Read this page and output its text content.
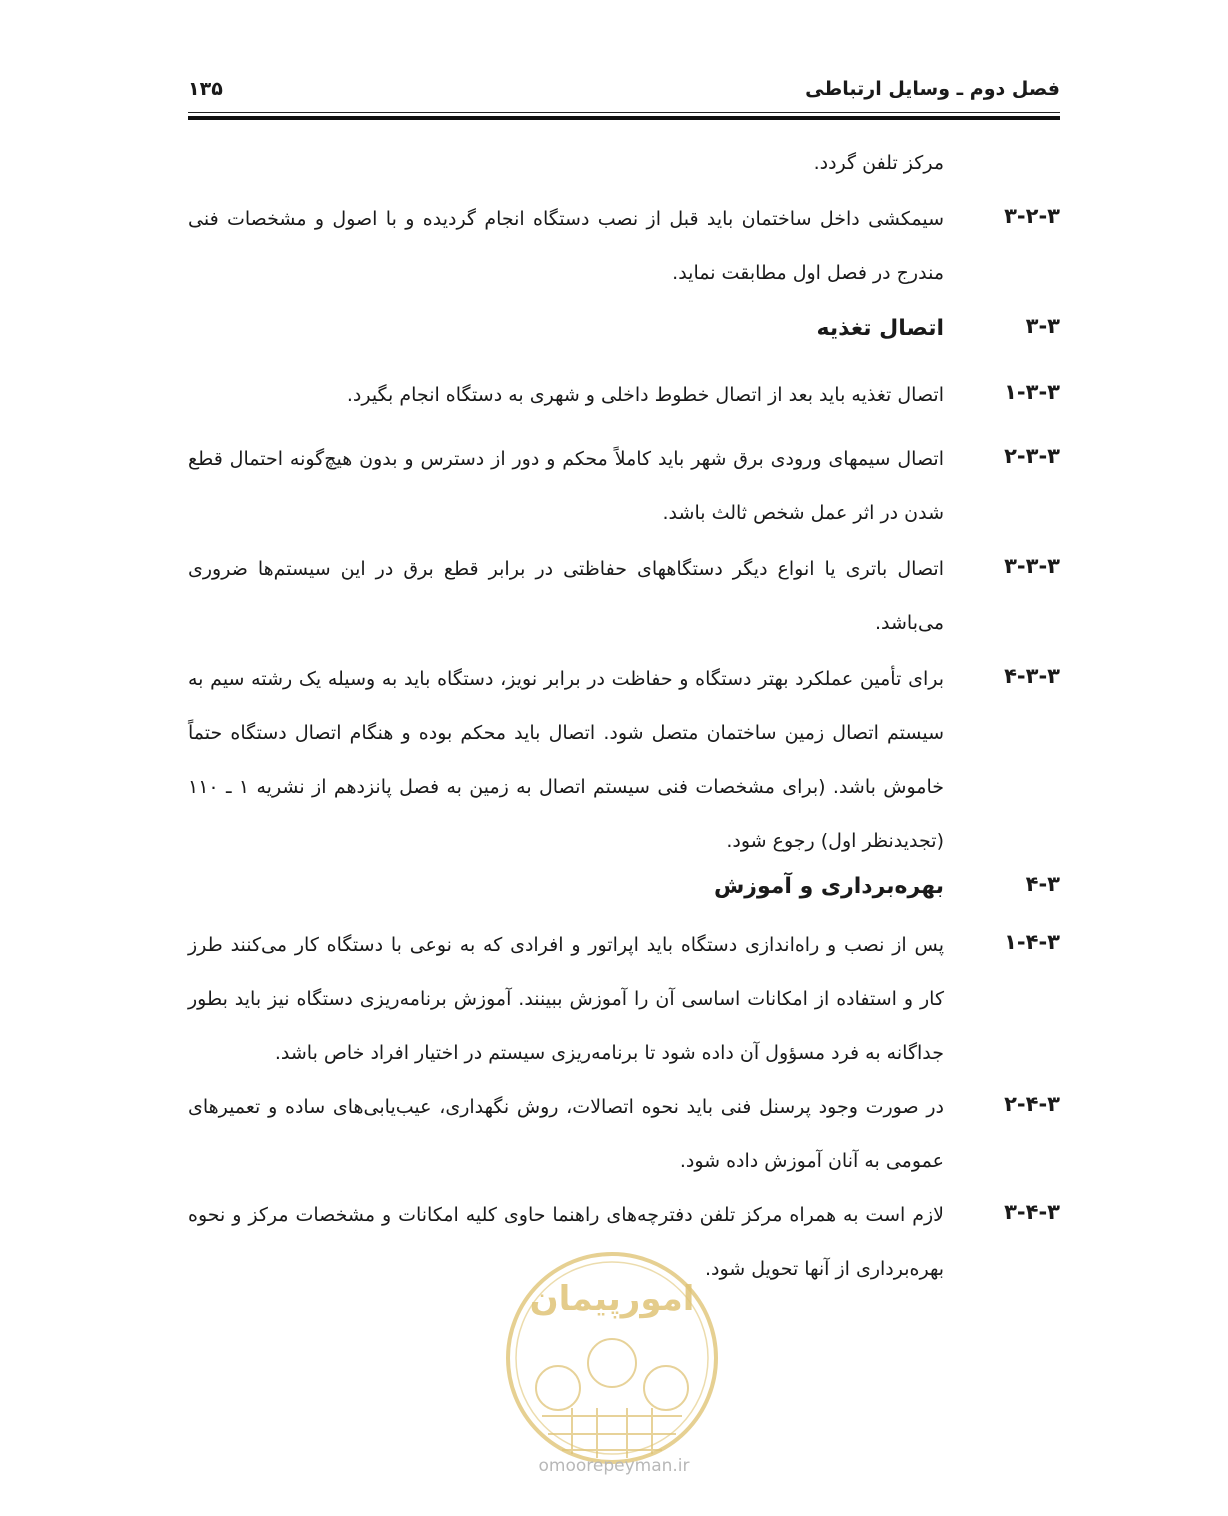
فصل دوم ـ وسایل ارتباطی
۱۳۵
مرکز تلفن گردد.
۳-۲-۳
سیمکشی داخل ساختمان باید قبل از نصب دستگاه انجام گردیده و با اصول و مشخصات فنی مندرج در فصل اول مطابقت نماید.
۳-۳
اتصال تغذیه
۱-۳-۳
اتصال تغذیه باید بعد از اتصال خطوط داخلی و شهری به دستگاه انجام بگیرد.
۲-۳-۳
اتصال سیمهای ورودی برق شهر باید کاملاً محکم و دور از دسترس و بدون هیچ‌گونه احتمال قطع شدن در اثر عمل شخص ثالث باشد.
۳-۳-۳
اتصال باتری یا انواع دیگر دستگاههای حفاظتی در برابر قطع برق در این سیستم‌ها ضروری می‌باشد.
۴-۳-۳
برای تأمین عملکرد بهتر دستگاه و حفاظت در برابر نویز، دستگاه باید به وسیله یک رشته سیم به سیستم اتصال زمین ساختمان متصل شود. اتصال باید محکم بوده و هنگام اتصال دستگاه حتماً خاموش باشد. (برای مشخصات فنی سیستم اتصال به زمین به فصل پانزدهم از نشریه ۱ ـ ۱۱۰ (تجدیدنظر اول) رجوع شود.
۴-۳
بهره‌برداری و آموزش
۱-۴-۳
پس از نصب و راه‌اندازی دستگاه باید اپراتور و افرادی که به نوعی با دستگاه کار می‌کنند طرز کار و استفاده از امکانات اساسی آن را آموزش ببینند. آموزش برنامه‌ریزی دستگاه نیز باید بطور جداگانه به فرد مسؤول آن داده شود تا برنامه‌ریزی سیستم در اختیار افراد خاص باشد.
۲-۴-۳
در صورت وجود پرسنل فنی باید نحوه اتصالات، روش نگهداری، عیب‌یابی‌های ساده و تعمیرهای عمومی به آنان آموزش داده شود.
۳-۴-۳
لازم است به همراه مرکز تلفن دفترچه‌های راهنما حاوی کلیه امکانات و مشخصات مرکز و نحوه بهره‌برداری از آنها تحویل شود.
امورپیمان
omoorepeyman.ir
